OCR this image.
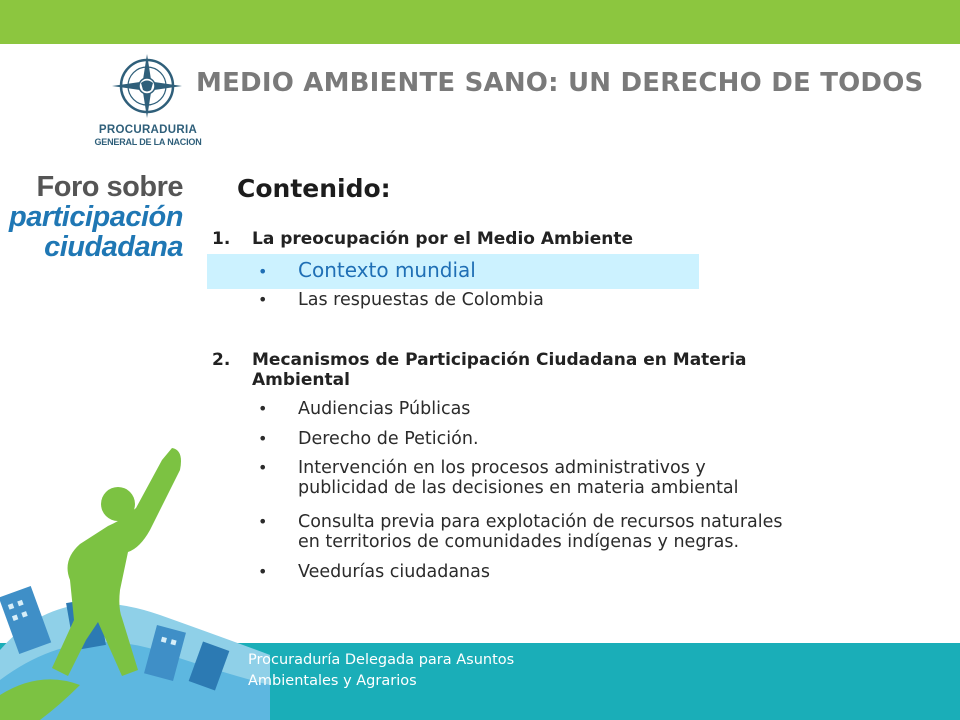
PROCURADURIA
GENERAL DE LA NACION
Foro sobre
participación
ciudadana
MEDIO AMBIENTE SANO: UN DERECHO DE TODOS
Contenido:
1. La preocupación por el Medio Ambiente
• Contexto mundial
• Las respuestas de Colombia
2. Mecanismos de Participación Ciudadana en Materia
Ambiental
• Audiencias Públicas
• Derecho de Petición.
• Intervención en los procesos administrativos y
publicidad de las decisiones en materia ambiental
• Consulta previa para explotación de recursos naturales
en territorios de comunidades indígenas y negras.
• Veedurías ciudadanas
Procuraduría Delegada para Asuntos
Ambientales y Agrarios
